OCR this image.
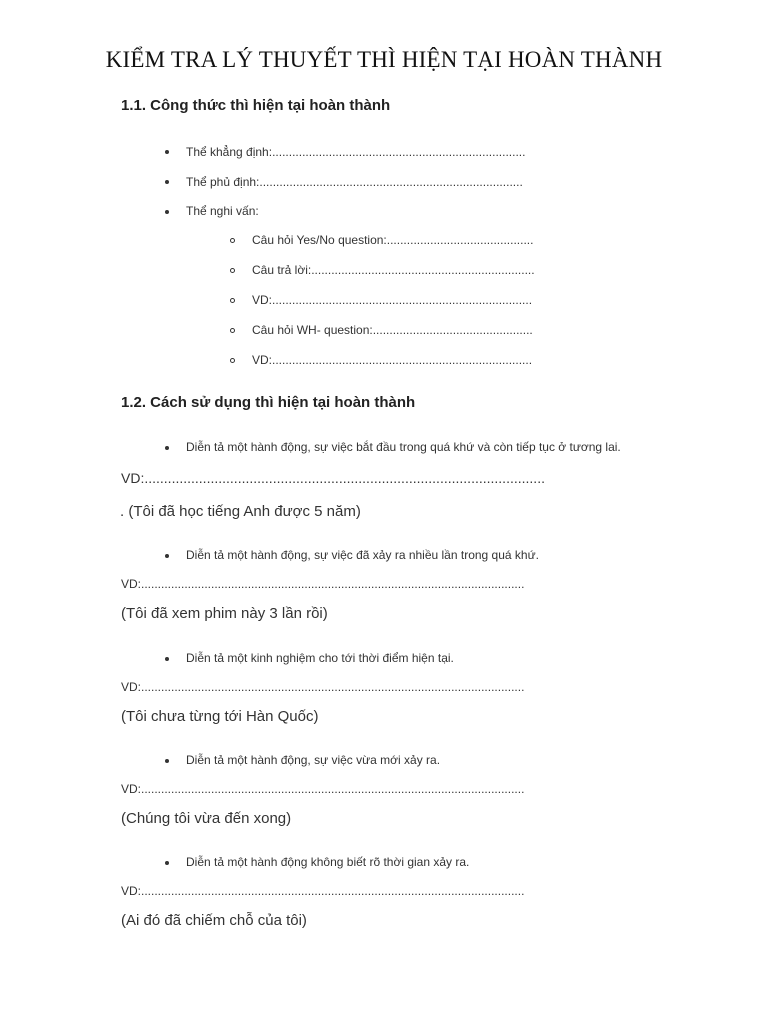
KIỂM TRA LÝ THUYẾT THÌ HIỆN TẠI HOÀN THÀNH
1.1. Công thức thì hiện tại hoàn thành
Thể khẳng định:............................................................................
Thể phủ định:...............................................................................
Thể nghi vấn:
Câu hỏi Yes/No question:............................................
Câu trả lời:...................................................................
VD:..............................................................................
Câu hỏi WH- question:................................................
VD:..............................................................................
1.2. Cách sử dụng thì hiện tại hoàn thành
Diễn tả một hành động, sự việc bắt đầu trong quá khứ và còn tiếp tục ở tương lai.
VD:.......................................................................................................
. (Tôi đã học tiếng Anh được 5 năm)
Diễn tả một hành động, sự việc đã xảy ra nhiều lần trong quá khứ.
VD:...................................................................................................................
(Tôi đã xem phim này 3 lần rồi)
Diễn tả một kinh nghiệm cho tới thời điểm hiện tại.
VD:...................................................................................................................
(Tôi chưa từng tới Hàn Quốc)
Diễn tả một hành động, sự việc vừa mới xảy ra.
VD:...................................................................................................................
(Chúng tôi vừa đến xong)
Diễn tả một hành động không biết rõ thời gian xảy ra.
VD:...................................................................................................................
(Ai đó đã chiếm chỗ của tôi)
